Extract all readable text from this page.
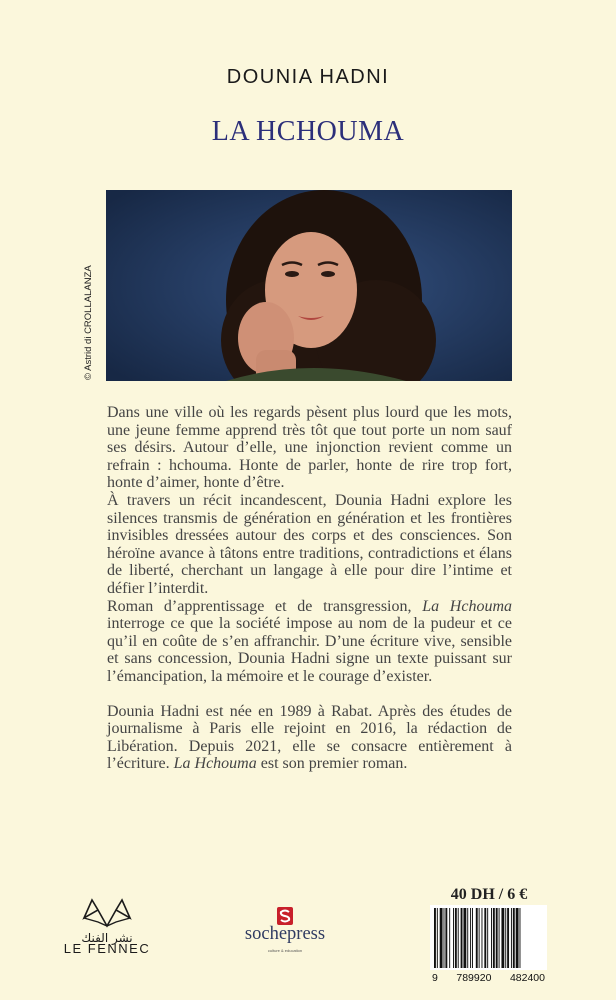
DOUNIA HADNI
LA HCHOUMA
© Astrid di CROLLALANZA

Dans une ville où les regards pèsent plus lourd que les mots, une jeune femme apprend très tôt que tout porte un nom sauf ses désirs. Autour d’elle, une injonction revient comme un refrain : hchouma. Honte de parler, honte de rire trop fort, honte d’aimer, honte d’être.

À travers un récit incandescent, Dounia Hadni explore les silences transmis de génération en génération et les frontières invisibles dressées autour des corps et des consciences. Son héroïne avance à tâtons entre traditions, contradictions et élans de liberté, cherchant un langage à elle pour dire l’intime et défier l’interdit.

Roman d’apprentissage et de transgression, La Hchouma interroge ce que la société impose au nom de la pudeur et ce qu’il en coûte de s’en affranchir. D’une écriture vive, sensible et sans concession, Dounia Hadni signe un texte puissant sur l’émancipation, la mémoire et le courage d’exister.

Dounia Hadni est née en 1989 à Rabat. Après des études de journalisme à Paris elle rejoint en 2016, la rédaction de Libération. Depuis 2021, elle se consacre entièrement à l’écriture. La Hchouma est son premier roman.

نشر الفنك
LE FENNEC
sochepress
culture & education
40 DH / 6 €
9 789920 482400
